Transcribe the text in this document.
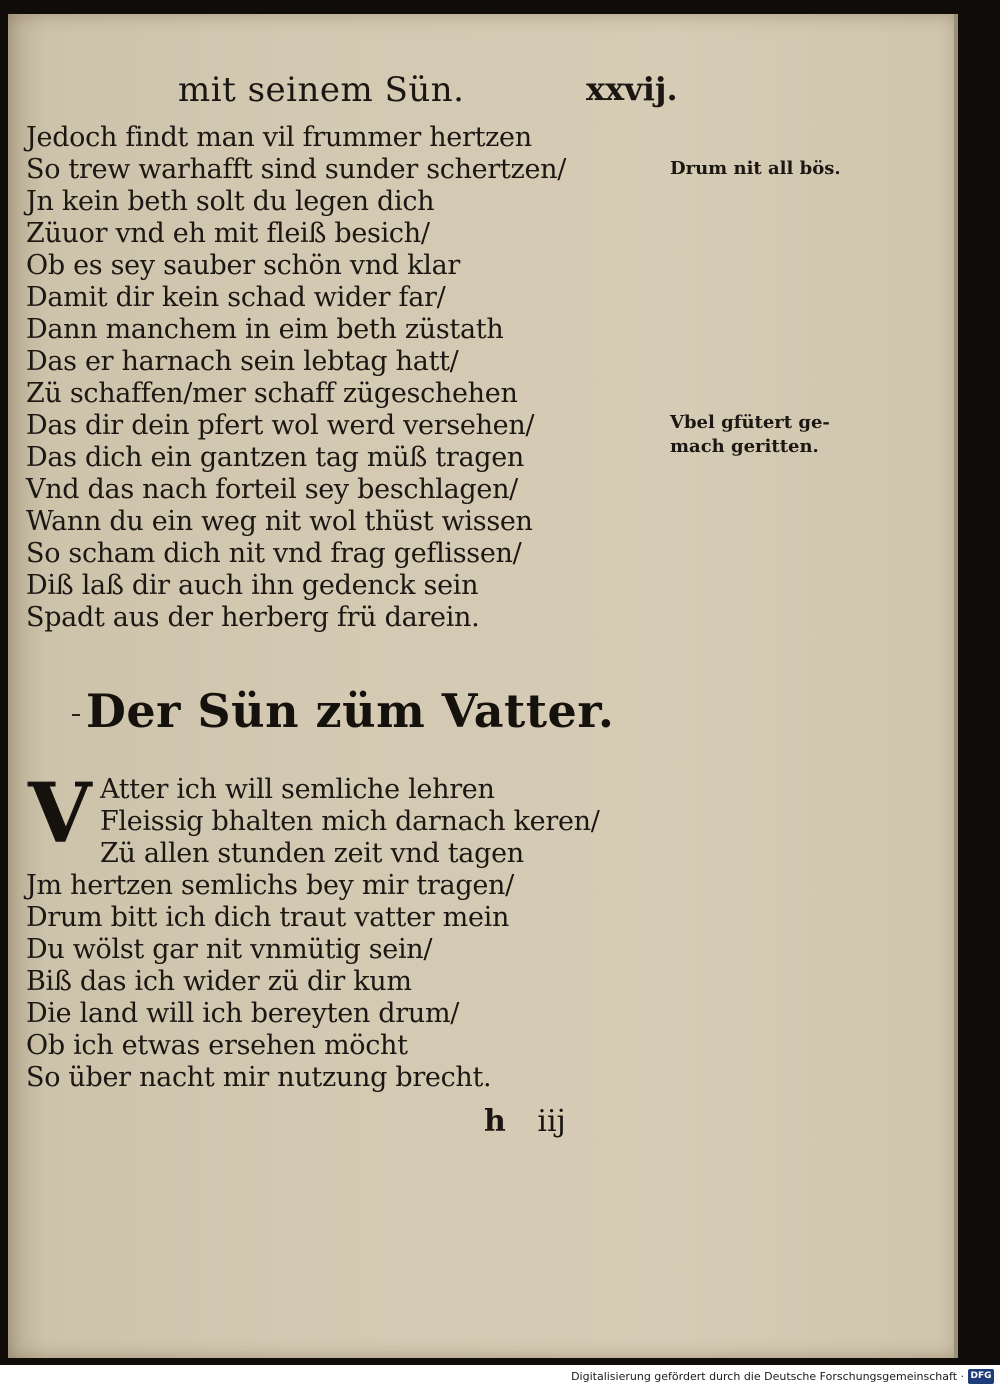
mit seinem Sün.	xxvij.
Jedoch findt man vil frummer hertzen
So trew warhafft sind sunder schertzen/
Jn kein beth solt du legen dich
Züuor vnd eh mit fleiß besich/
Ob es sey sauber schön vnd klar
Damit dir kein schad wider far/
Dann manchem in eim beth züstath
Das er harnach sein lebtag hatt/
Zü schaffen/mer schaff zügeschehen
Das dir dein pfert wol werd versehen/
Das dich ein gantzen tag müß tragen
Vnd das nach forteil sey beschlagen/
Wann du ein weg nit wol thüst wissen
So scham dich nit vnd frag geflissen/
Diß laß dir auch ihn gedenck sein
Spadt aus der herberg frü darein.
Drum nit all bös.
Vbel gfütert ge-
mach geritten.
Der Sün züm Vatter.
V Atter ich will semliche lehren
Fleissig bhalten mich darnach keren/
Zü allen stunden zeit vnd tagen
Jm hertzen semlichs bey mir tragen/
Drum bitt ich dich traut vatter mein
Du wölst gar nit vnmütig sein/
Biß das ich wider zü dir kum
Die land will ich bereyten drum/
Ob ich etwas ersehen möcht
So über nacht mir nutzung brecht.
h iij
Digitalisierung gefördert durch die Deutsche Forschungsgemeinschaft · DFG
